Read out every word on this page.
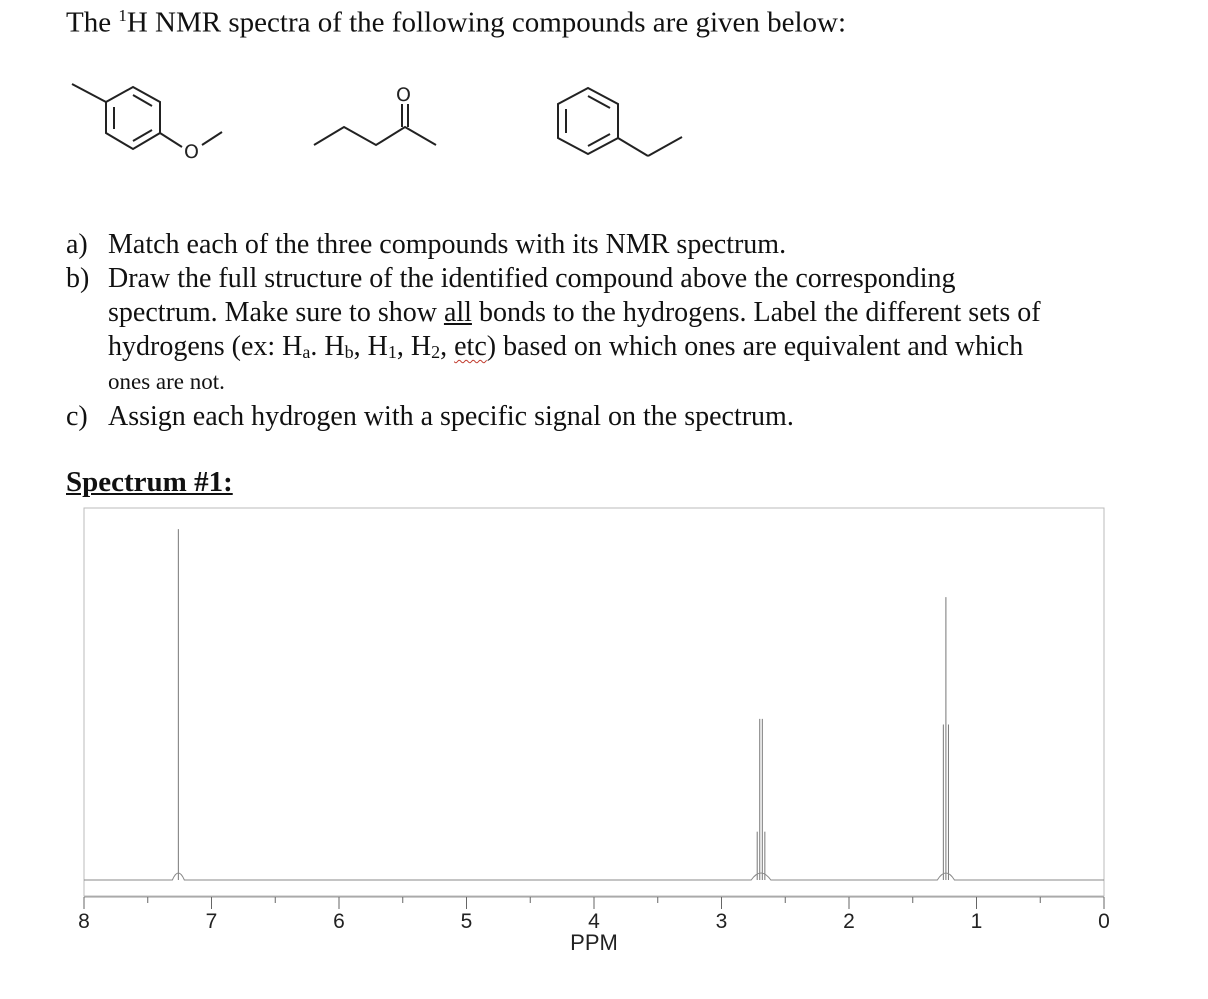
The $^1$H NMR spectra of the following compounds are given below:
O
O
a) Match each of the three compounds with its NMR spectrum.
b) Draw the full structure of the identified compound above the corresponding
spectrum. Make sure to show all bonds to the hydrogens. Label the different sets of
hydrogens (ex: $H_a$. $H_b$, $H_1$, $H_2$, etc) based on which ones are equivalent and which
ones are not.
c) Assign each hydrogen with a specific signal on the spectrum.
Spectrum #1:
8	7	6	5	4	3	2	1	0
PPM
